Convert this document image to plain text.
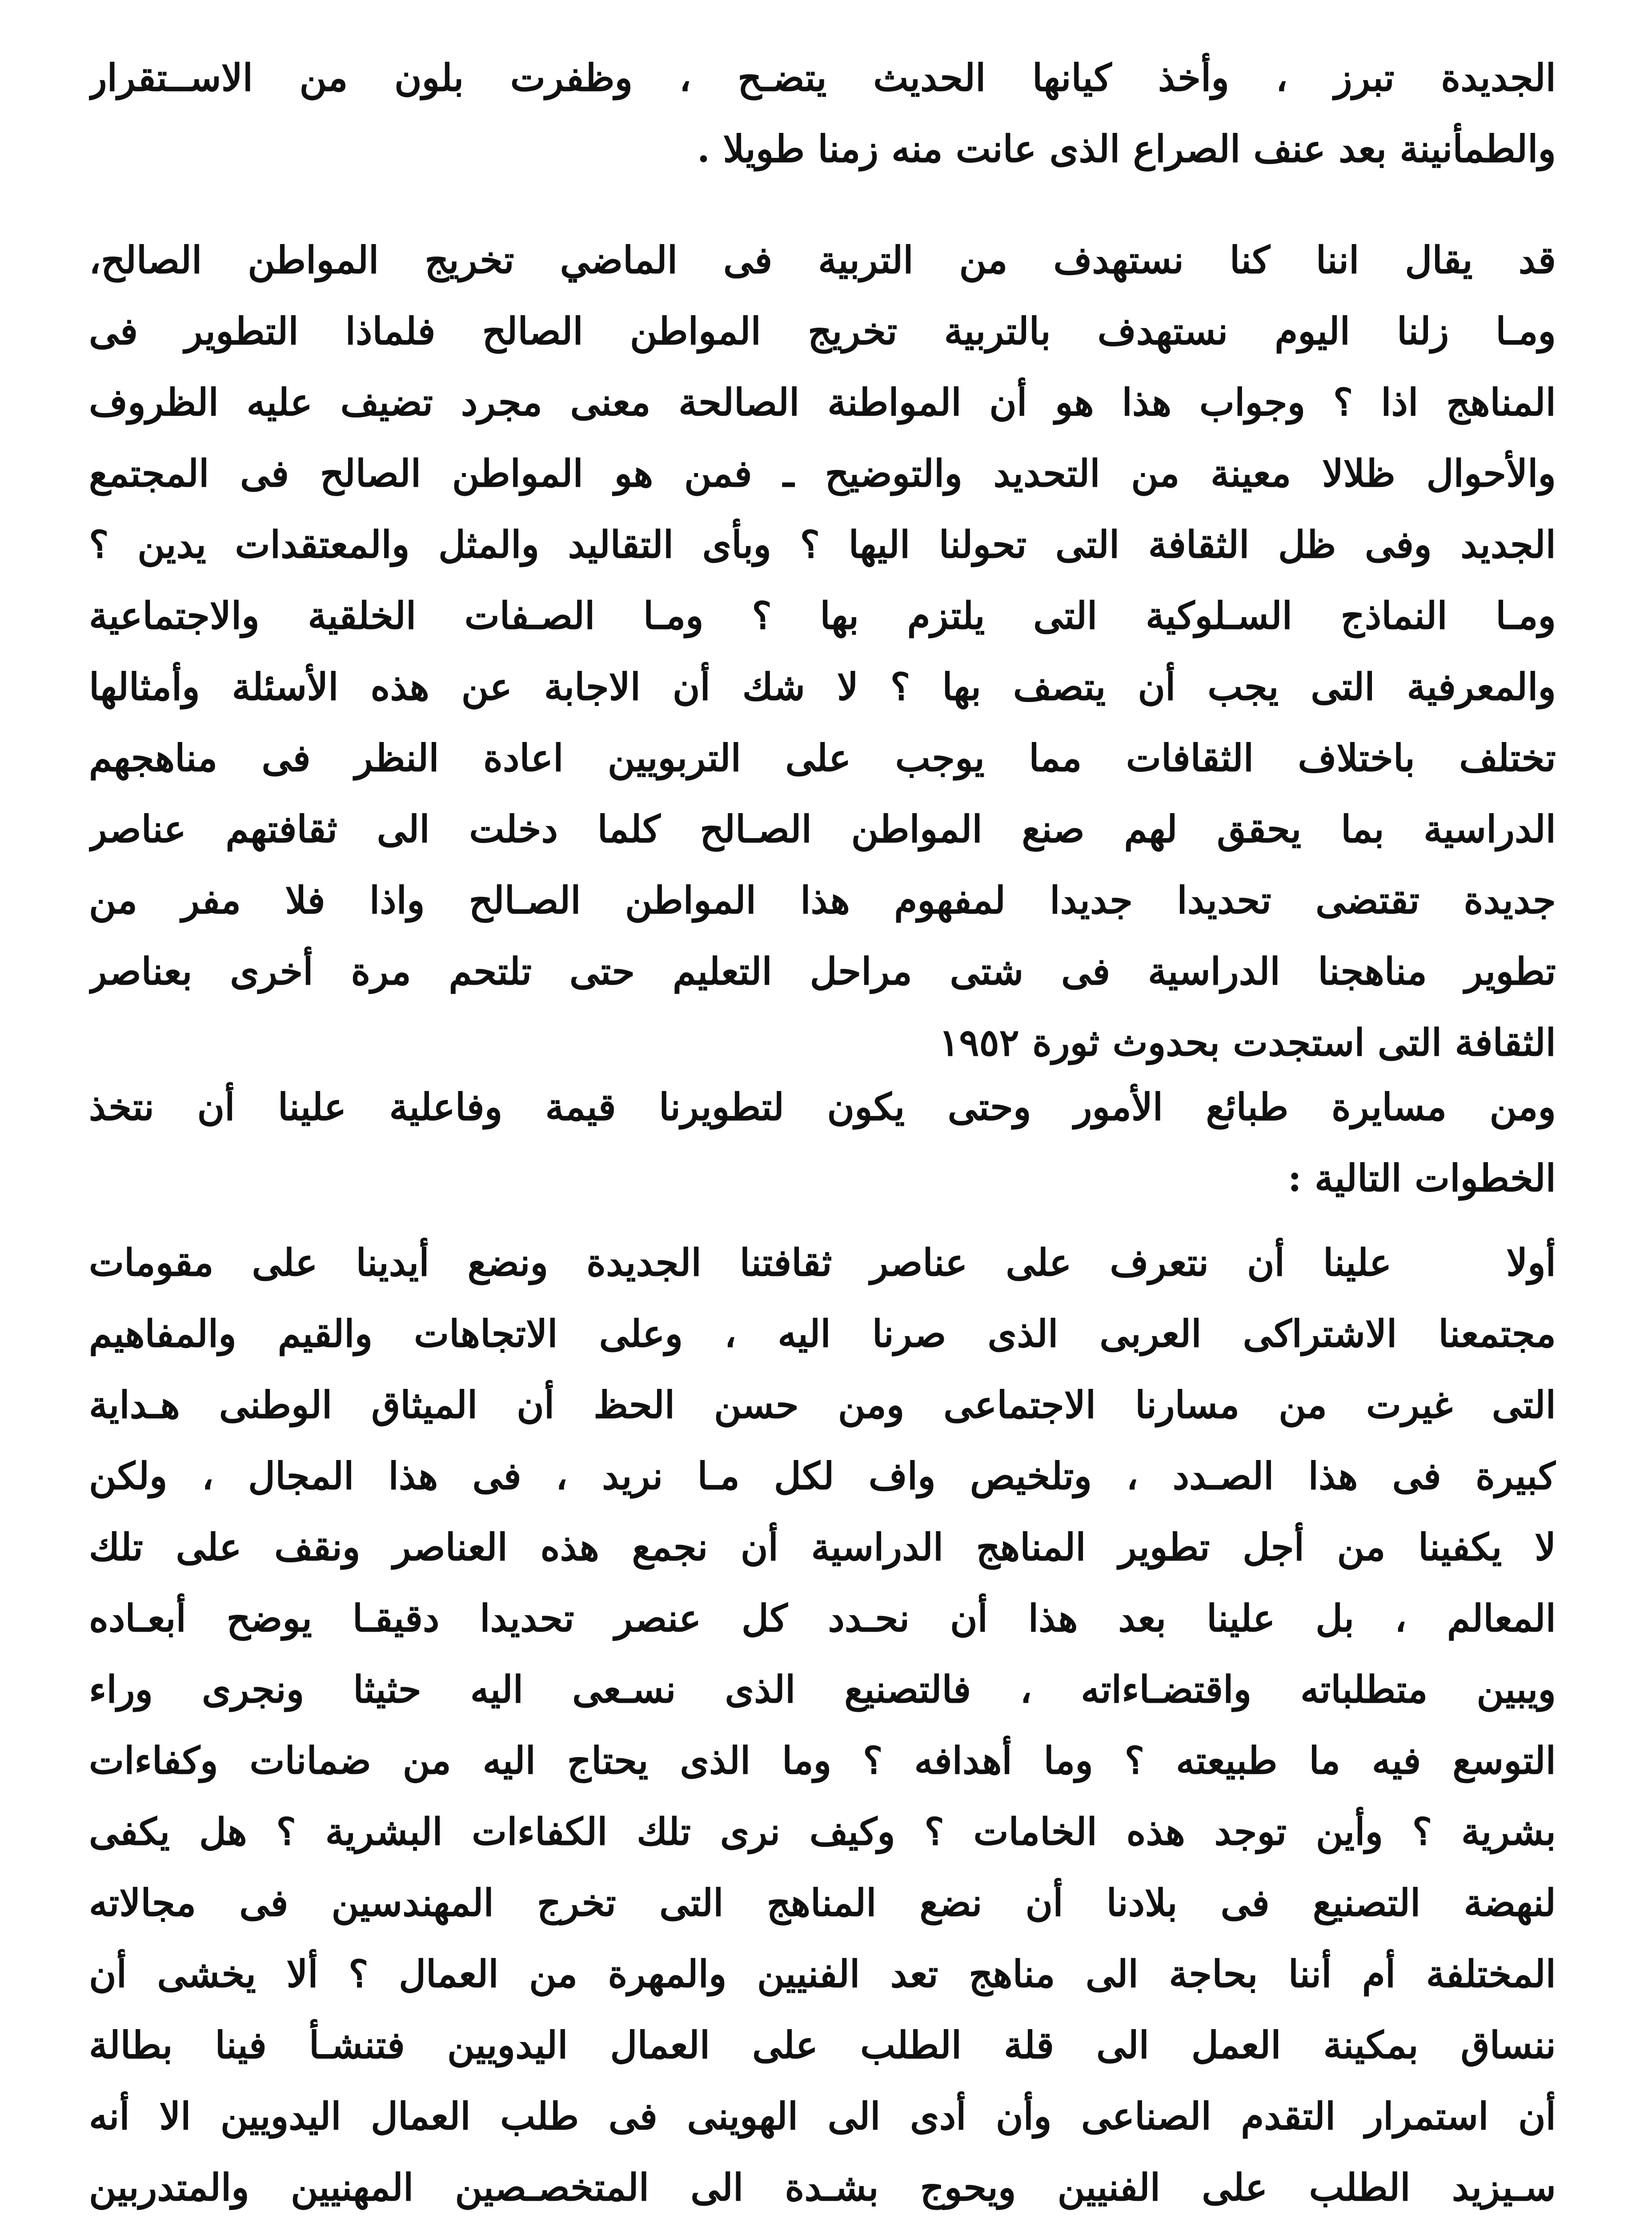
الجديدة تبرز ، وأخذ كيانها الحديث يتضـح ، وظفرت بلون من الاســتقرار
والطمأنينة بعد عنف الصراع الذى عانت منه زمنا طويلا .
قد يقال اننا كنا نستهدف من التربية فى الماضي تخريج المواطن الصالح،
ومـا زلنا اليوم نستهدف بالتربية تخريج المواطن الصالح فلماذا التطوير فى
المناهج اذا ؟ وجواب هذا هو أن المواطنة الصالحة معنى مجرد تضيف عليه الظروف
والأحوال ظلالا معينة من التحديد والتوضيح ـ فمن هو المواطن الصالح فى المجتمع
الجديد وفى ظل الثقافة التى تحولنا اليها ؟ وبأى التقاليد والمثل والمعتقدات يدين ؟
ومـا النماذج السـلوكية التى يلتزم بها ؟ ومـا الصـفات الخلقية والاجتماعية
والمعرفية التى يجب أن يتصف بها ؟ لا شك أن الاجابة عن هذه الأسئلة وأمثالها
تختلف باختلاف الثقافات مما يوجب على التربويين اعادة النظر فى مناهجهم
الدراسية بما يحقق لهم صنع المواطن الصـالح كلما دخلت الى ثقافتهم عناصر
جديدة تقتضى تحديدا جديدا لمفهوم هذا المواطن الصـالح واذا فلا مفر من
تطوير مناهجنا الدراسية فى شتى مراحل التعليم حتى تلتحم مرة أخرى بعناصر
الثقافة التى استجدت بحدوث ثورة ١٩٥٢
ومن مسايرة طبائع الأمور وحتى يكون لتطويرنا قيمة وفاعلية علينا أن نتخذ
الخطوات التالية :
أولا   علينا أن نتعرف على عناصر ثقافتنا الجديدة ونضع أيدينا على مقومات
مجتمعنا الاشتراكى العربى الذى صرنا اليه ، وعلى الاتجاهات والقيم والمفاهيم
التى غيرت من مسارنا الاجتماعى ومن حسن الحظ أن الميثاق الوطنى هـداية
كبيرة فى هذا الصـدد ، وتلخيص واف لكل مـا نريد ، فى هذا المجال ، ولكن
لا يكفينا من أجل تطوير المناهج الدراسية أن نجمع هذه العناصر ونقف على تلك
المعالم ، بل علينا بعد هذا أن نحـدد كل عنصر تحديدا دقيقـا يوضح أبعـاده
ويبين متطلباته واقتضـاءاته ، فالتصنيع الذى نسـعى اليه حثيثا ونجرى وراء
التوسع فيه ما طبيعته ؟ وما أهدافه ؟ وما الذى يحتاج اليه من ضمانات وكفاءات
بشرية ؟ وأين توجد هذه الخامات ؟ وكيف نرى تلك الكفاءات البشرية ؟ هل يكفى
لنهضة التصنيع فى بلادنا أن نضع المناهج التى تخرج المهندسين فى مجالاته
المختلفة أم أننا بحاجة الى مناهج تعد الفنيين والمهرة من العمال ؟ ألا يخشى أن
ننساق بمكينة العمل الى قلة الطلب على العمال اليدويين فتنشـأ فينا بطالة
أن استمرار التقدم الصناعى وأن أدى الى الهوينى فى طلب العمال اليدويين الا أنه
سـيزيد الطلب على الفنيين ويحوج بشـدة الى المتخصـصين المهنيين والمتدربين
